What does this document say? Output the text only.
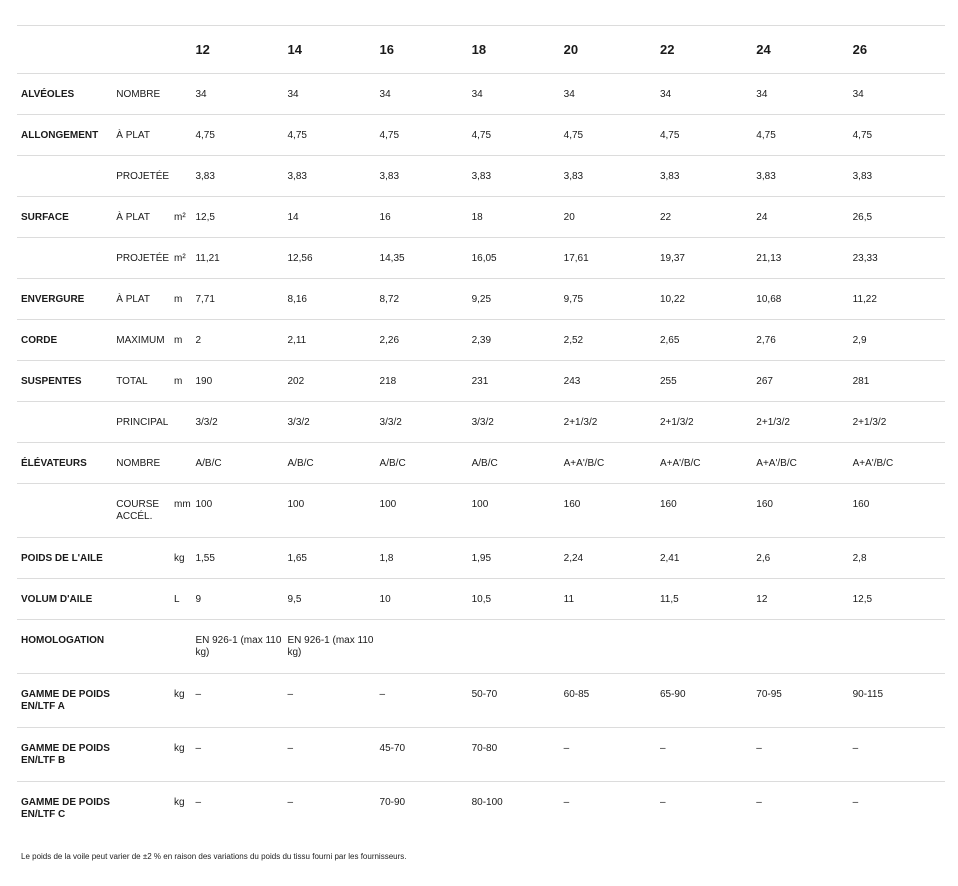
			12	14	16	18	20	22	24	26
ALVÉOLES	NOMBRE		34	34	34	34	34	34	34	34
ALLONGEMENT	À PLAT		4,75	4,75	4,75	4,75	4,75	4,75	4,75	4,75
	PROJETÉE		3,83	3,83	3,83	3,83	3,83	3,83	3,83	3,83
SURFACE	À PLAT	m²	12,5	14	16	18	20	22	24	26,5
	PROJETÉE	m²	11,21	12,56	14,35	16,05	17,61	19,37	21,13	23,33
ENVERGURE	À PLAT	m	7,71	8,16	8,72	9,25	9,75	10,22	10,68	11,22
CORDE	MAXIMUM	m	2	2,11	2,26	2,39	2,52	2,65	2,76	2,9
SUSPENTES	TOTAL	m	190	202	218	231	243	255	267	281
	PRINCIPAL		3/3/2	3/3/2	3/3/2	3/3/2	2+1/3/2	2+1/3/2	2+1/3/2	2+1/3/2
ÉLÉVATEURS	NOMBRE		A/B/C	A/B/C	A/B/C	A/B/C	A+A'/B/C	A+A'/B/C	A+A'/B/C	A+A'/B/C
	COURSE ACCÉL.	mm	100	100	100	100	160	160	160	160
POIDS DE L'AILE		kg	1,55	1,65	1,8	1,95	2,24	2,41	2,6	2,8
VOLUM D'AILE		L	9	9,5	10	10,5	11	11,5	12	12,5
HOMOLOGATION			EN 926-1 (max 110 kg)	EN 926-1 (max 110 kg)						
GAMME DE POIDS EN/LTF A		kg	–	–	–	50-70	60-85	65-90	70-95	90-115
GAMME DE POIDS EN/LTF B		kg	–	–	45-70	70-80	–	–	–	–
GAMME DE POIDS EN/LTF C		kg	–	–	70-90	80-100	–	–	–	–
Le poids de la voile peut varier de ±2 % en raison des variations du poids du tissu fourni par les fournisseurs.
